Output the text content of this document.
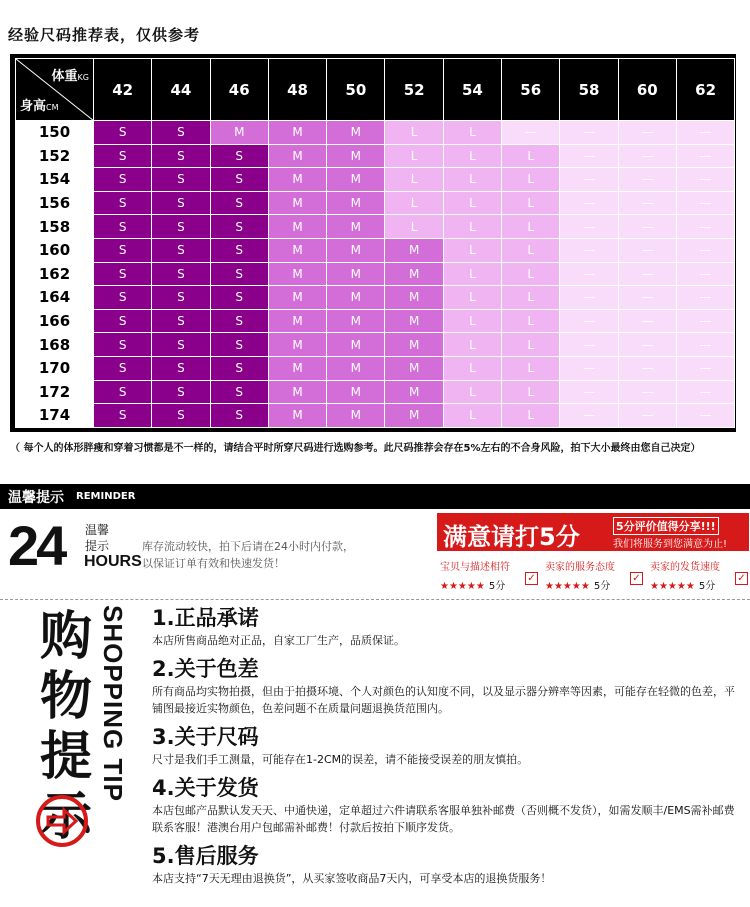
经验尺码推荐表，仅供参考
体重KG
身高CM	42	44	46	48	50	52	54	56	58	60	62
150	S	S	M	M	M	L	L	—	—	—	—
152	S	S	S	M	M	L	L	L	—	—	—
154	S	S	S	M	M	L	L	L	—	—	—
156	S	S	S	M	M	L	L	L	—	—	—
158	S	S	S	M	M	L	L	L	—	—	—
160	S	S	S	M	M	M	L	L	—	—	—
162	S	S	S	M	M	M	L	L	—	—	—
164	S	S	S	M	M	M	L	L	—	—	—
166	S	S	S	M	M	M	L	L	—	—	—
168	S	S	S	M	M	M	L	L	—	—	—
170	S	S	S	M	M	M	L	L	—	—	—
172	S	S	S	M	M	M	L	L	—	—	—
174	S	S	S	M	M	M	L	L	—	—	—
（ 每个人的体形胖瘦和穿着习惯都是不一样的，请结合平时所穿尺码进行选购参考。此尺码推荐会存在5%左右的不合身风险，拍下大小最终由您自己决定）
温馨提示 REMINDER
24 温馨
提示
HOURS
库存流动较快，拍下后请在24小时内付款，
以保证订单有效和快速发货！
满意请打5分	5分评价值得分享!!!
我们将服务到您满意为止!
宝贝与描述相符
★★★★★ 5分
✓
卖家的服务态度
★★★★★ 5分
✓
卖家的发货速度
★★★★★ 5分
✓
购物提示
SHOPPING TIP 1.正品承诺

本店所售商品绝对正品，自家工厂生产，品质保证。

2.关于色差

所有商品均实物拍摄，但由于拍摄环境、个人对颜色的认知度不同，以及显示器分辨率等因素，可能存在轻微的色差，平铺图最接近实物颜色，色差问题不在质量问题退换货范围内。

3.关于尺码

尺寸是我们手工测量，可能存在1-2CM的误差，请不能接受误差的朋友慎拍。

4.关于发货

本店包邮产品默认发天天、中通快递，定单超过六件请联系客服单独补邮费（否则概不发货），如需发顺丰/EMS需补邮费联系客服！港澳台用户包邮需补邮费！付款后按拍下顺序发货。

5.售后服务

本店支持“7天无理由退换货”，从买家签收商品7天内，可享受本店的退换货服务！
